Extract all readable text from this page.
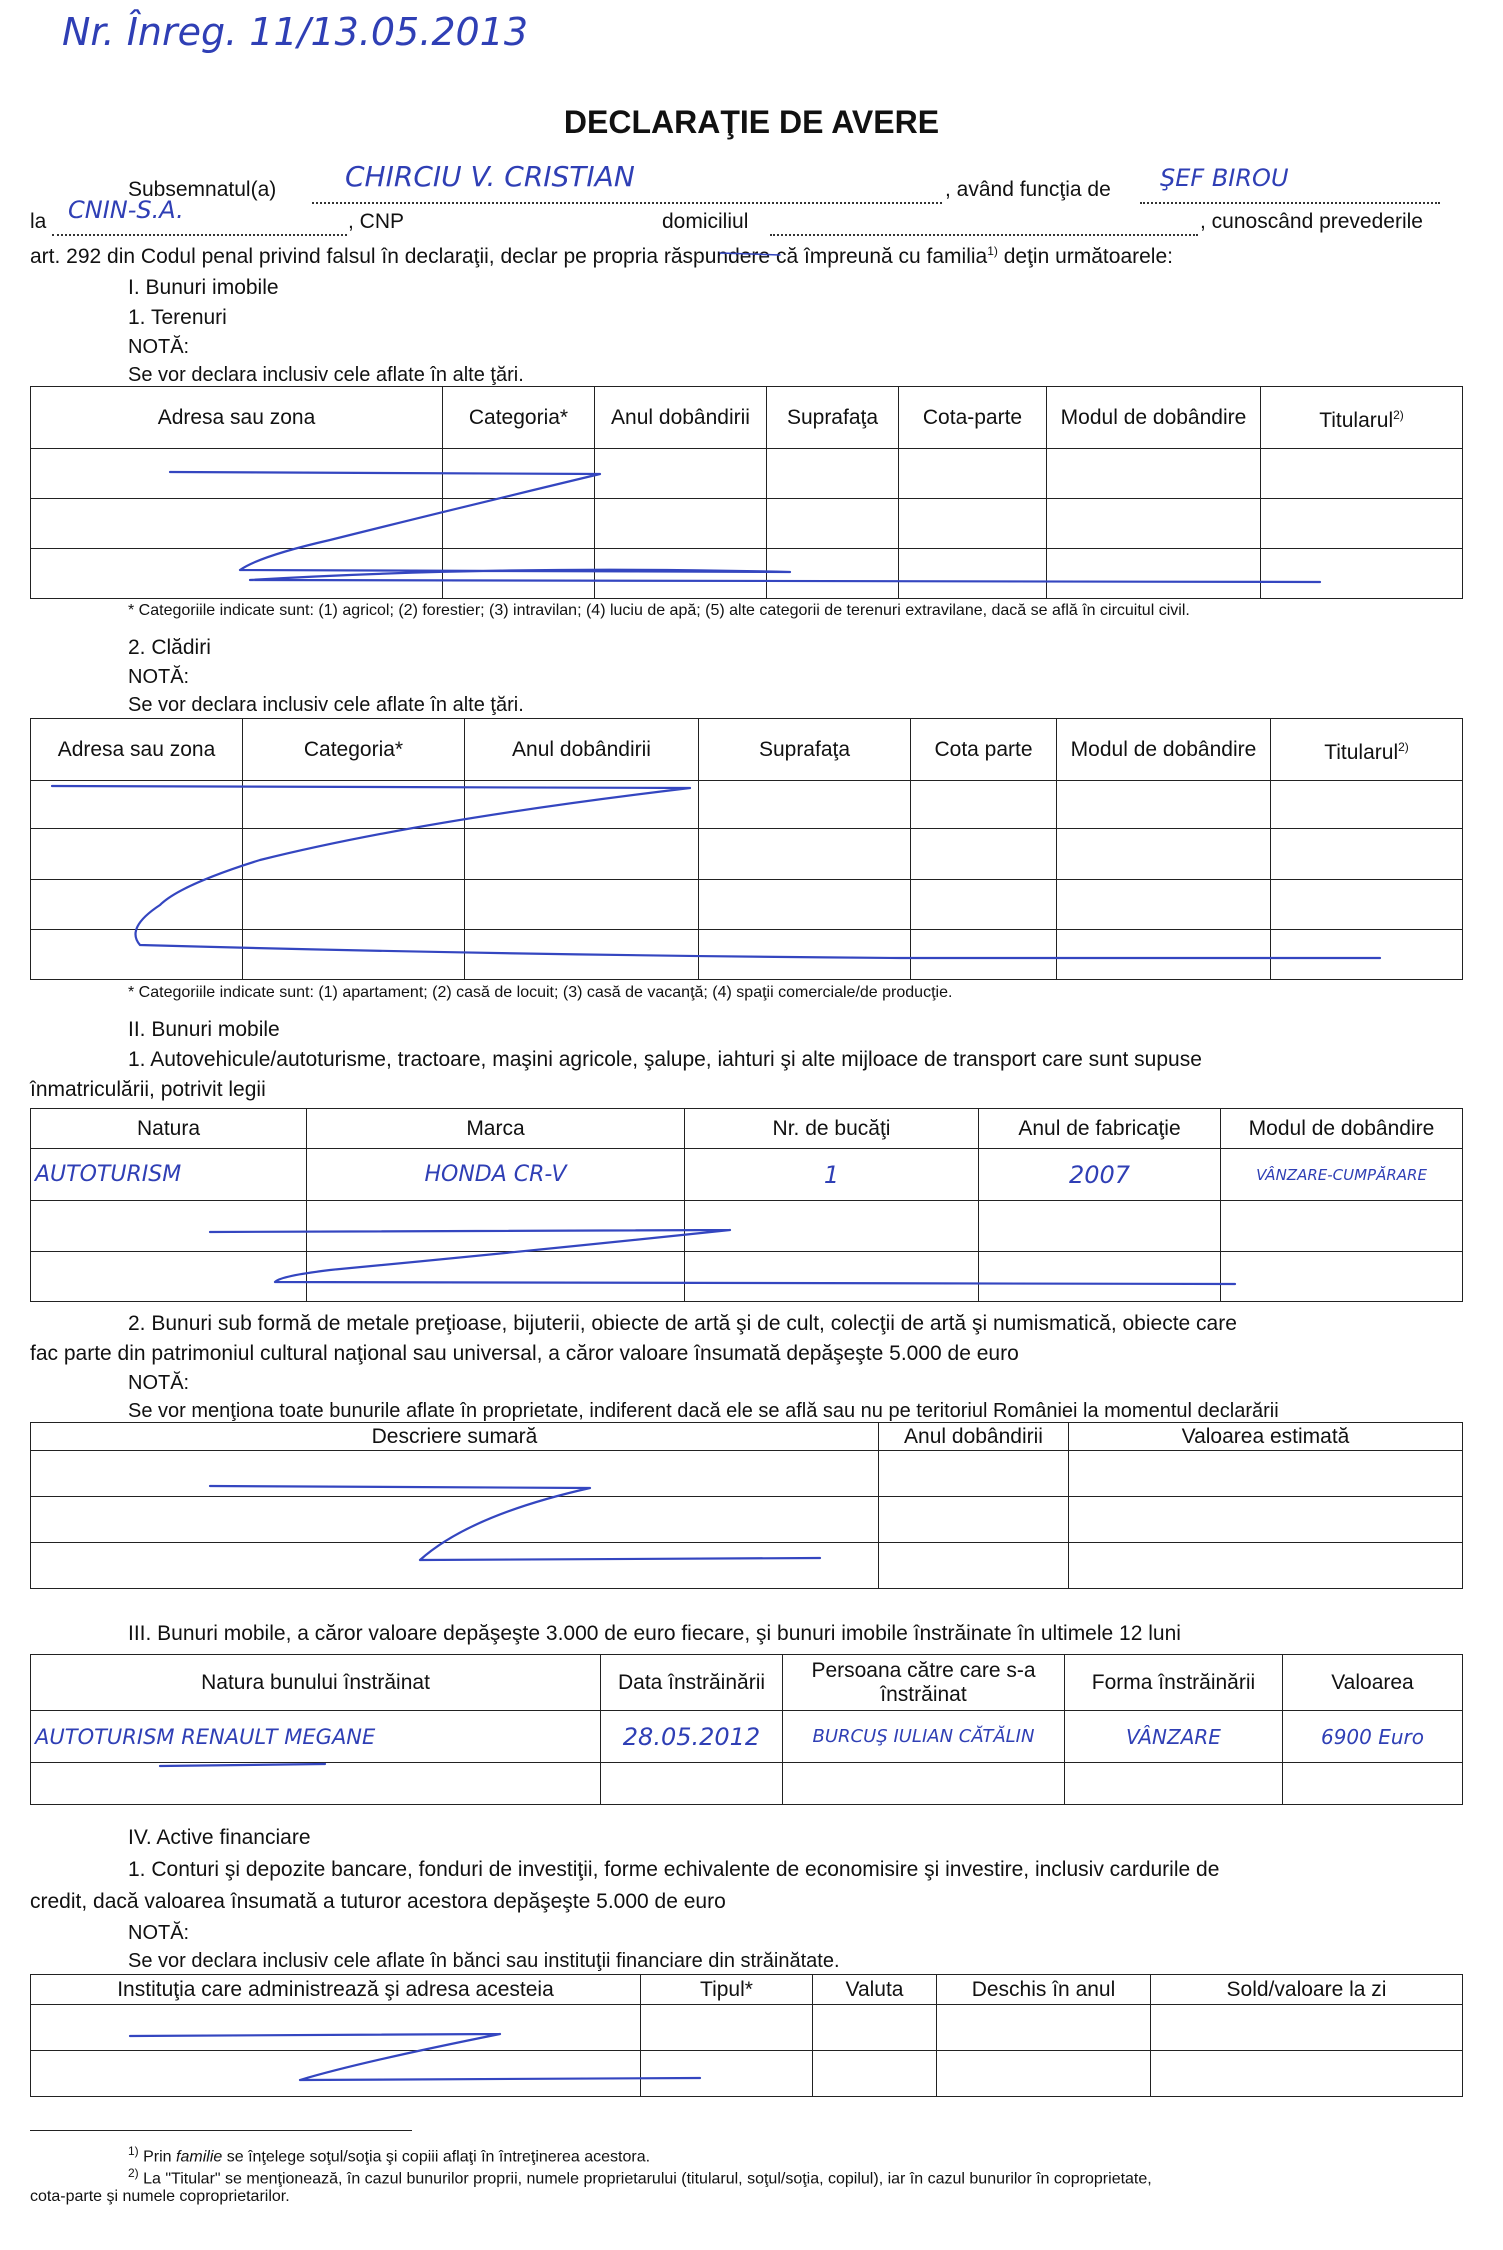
Nr. Înreg. 11/13.05.2013
DECLARAŢIE DE AVERE
Subsemnatul(a) CHIRCIU V. CRISTIAN	, având funcţia de ŞEF BIROU
la CNIN-S.A.	, CNP	domiciliul	, cunoscând prevederile
art. 292 din Codul penal privind falsul în declaraţii, declar pe propria răspundere că împreună cu familia$^{1)}$ deţin următoarele:
I. Bunuri imobile
1. Terenuri
NOTĂ:
Se vor declara inclusiv cele aflate în alte ţări.
Adresa sau zona	Categoria*	Anul dobândirii	Suprafaţa	Cota-parte	Modul de dobândire	Titularul$^{2)}$

* Categoriile indicate sunt: (1) agricol; (2) forestier; (3) intravilan; (4) luciu de apă; (5) alte categorii de terenuri extravilane, dacă se află în circuitul civil.
2. Clădiri
NOTĂ:
Se vor declara inclusiv cele aflate în alte ţări.
Adresa sau zona	Categoria*	Anul dobândirii	Suprafaţa	Cota parte	Modul de dobândire	Titularul$^{2)}$

* Categoriile indicate sunt: (1) apartament; (2) casă de locuit; (3) casă de vacanţă; (4) spaţii comerciale/de producţie.
II. Bunuri mobile
1. Autovehicule/autoturisme, tractoare, maşini agricole, şalupe, iahturi şi alte mijloace de transport care sunt supuse
înmatriculării, potrivit legii
Natura	Marca	Nr. de bucăţi	Anul de fabricaţie	Modul de dobândire
AUTOTURISM	HONDA CR-V	1	2007	VÂNZARE-CUMPĂRARE

2. Bunuri sub formă de metale preţioase, bijuterii, obiecte de artă şi de cult, colecţii de artă şi numismatică, obiecte care
fac parte din patrimoniul cultural naţional sau universal, a căror valoare însumată depăşeşte 5.000 de euro
NOTĂ:
Se vor menţiona toate bunurile aflate în proprietate, indiferent dacă ele se află sau nu pe teritoriul României la momentul declarării
Descriere sumară	Anul dobândirii	Valoarea estimată

III. Bunuri mobile, a căror valoare depăşeşte 3.000 de euro fiecare, şi bunuri imobile înstrăinate în ultimele 12 luni
Natura bunului înstrăinat	Data înstrăinării	Persoana către care s-a înstrăinat	Forma înstrăinării	Valoarea
AUTOTURISM RENAULT MEGANE	28.05.2012	BURCUŞ IULIAN CĂTĂLIN	VÂNZARE	6900 Euro

IV. Active financiare
1. Conturi şi depozite bancare, fonduri de investiţii, forme echivalente de economisire şi investire, inclusiv cardurile de
credit, dacă valoarea însumată a tuturor acestora depăşeşte 5.000 de euro
NOTĂ:
Se vor declara inclusiv cele aflate în bănci sau instituţii financiare din străinătate.
Instituţia care administrează şi adresa acesteia	Tipul*	Valuta	Deschis în anul	Sold/valoare la zi

$^{1)}$ Prin familie se înţelege soţul/soţia şi copiii aflaţi în întreţinerea acestora.
$^{2)}$ La "Titular" se menţionează, în cazul bunurilor proprii, numele proprietarului (titularul, soţul/soţia, copilul), iar în cazul bunurilor în coproprietate,
cota-parte şi numele coproprietarilor.
